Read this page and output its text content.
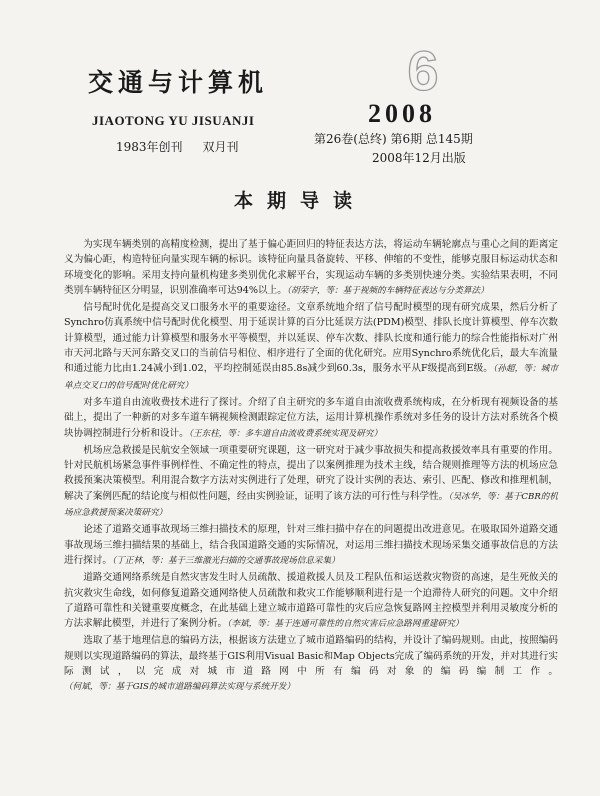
交通与计算机
JIAOTONG YU JISUANJI
1983年创刊 双月刊
6
2008
第26卷(总终) 第6期 总145期
2008年12月出版
本期导读

为实现车辆类别的高精度检测，提出了基于偏心距回归的特征表达方法，将运动车辆轮廓点与重心之间的距离定义为偏心距，构造特征向量实现车辆的标识。该特征向量具备旋转、平移、伸缩的不变性，能够克服目标运动状态和环境变化的影响。采用支持向量机构建多类别优化求解平台，实现运动车辆的多类别快速分类。实验结果表明，不同类别车辆特征区分明显，识别准确率可达94%以上。（胡荣宇，等：基于视频的车辆特征表达与分类算法）

信号配时优化是提高交叉口服务水平的重要途径。文章系统地介绍了信号配时模型的现有研究成果，然后分析了Synchro仿真系统中信号配时优化模型、用于延误计算的百分比延误方法(PDM)模型、排队长度计算模型、停车次数计算模型，通过能力计算模型和服务水平等模型，并以延误、停车次数、排队长度和通行能力的综合性能指标对广州市天河北路与天河东路交叉口的当前信号相位、相序进行了全面的优化研究。应用Synchro系统优化后，最大车流量和通过能力比由1.24减小到1.02，平均控制延误由85.8s减少到60.3s，服务水平从F级提高到E级。（孙超，等：城市单点交叉口的信号配时优化研究）

对多车道自由流收费技术进行了探讨。介绍了自主研究的多车道自由流收费系统构成，在分析现有视频设备的基础上，提出了一种新的对多车道车辆视频检测跟踪定位方法，运用计算机操作系统对多任务的设计方法对系统各个模块协调控制进行分析和设计。（王东柱，等：多车道自由流收费系统实现及研究）

机场应急救援是民航安全领域一项重要研究课题，这一研究对于减少事故损失和提高救援效率具有重要的作用。针对民航机场紧急事件事例样性、不确定性的特点，提出了以案例推理为技术主线，结合规则推理等方法的机场应急救援预案决策模型。利用混合数字方法对实例进行了处理，研究了设计实例的表达、索引、匹配、修改和推理机制，解决了案例匹配的结论度与相似性问题，经由实例验证，证明了该方法的可行性与科学性。（吴冰华，等：基于CBR的机场应急救援预案决策研究）

论述了道路交通事故现场三维扫描技术的原理，针对三维扫描中存在的问题提出改进意见。在吸取国外道路交通事故现场三维扫描结果的基础上，结合我国道路交通的实际情况，对运用三维扫描技术现场采集交通事故信息的方法进行探讨。（丁正林，等：基于三维激光扫描的交通事故现场信息采集）

道路交通网络系统是自然灾害发生时人员疏散、援道救援人员及工程队伍和运送救灾物资的高速，是生死攸关的抗灾救灾生命线，如何修复道路交通网络使人员疏散和救灾工作能够顺利进行是一个迫滞待人研究的问题。文中介绍了道路可靠性和关键重要度概念，在此基础上建立城市道路可靠性的灾后应急恢复路网主控模型并利用灵敏度分析的方法求解此模型，并进行了案例分析。（李斌，等：基于连通可靠性的自然灾害后应急路网重建研究）

选取了基于地理信息的编码方法，根据该方法建立了城市道路编码的结构，并设计了编码规则。由此，按照编码规则以实现道路编码的算法，最终基于GIS利用Visual Basic和Map Objects完成了编码系统的开发，并对其进行实际测试，以完成对城市道路网中所有编码对象的编码编制工作。（何斌，等：基于GIS的城市道路编码算法实现与系统开发）
